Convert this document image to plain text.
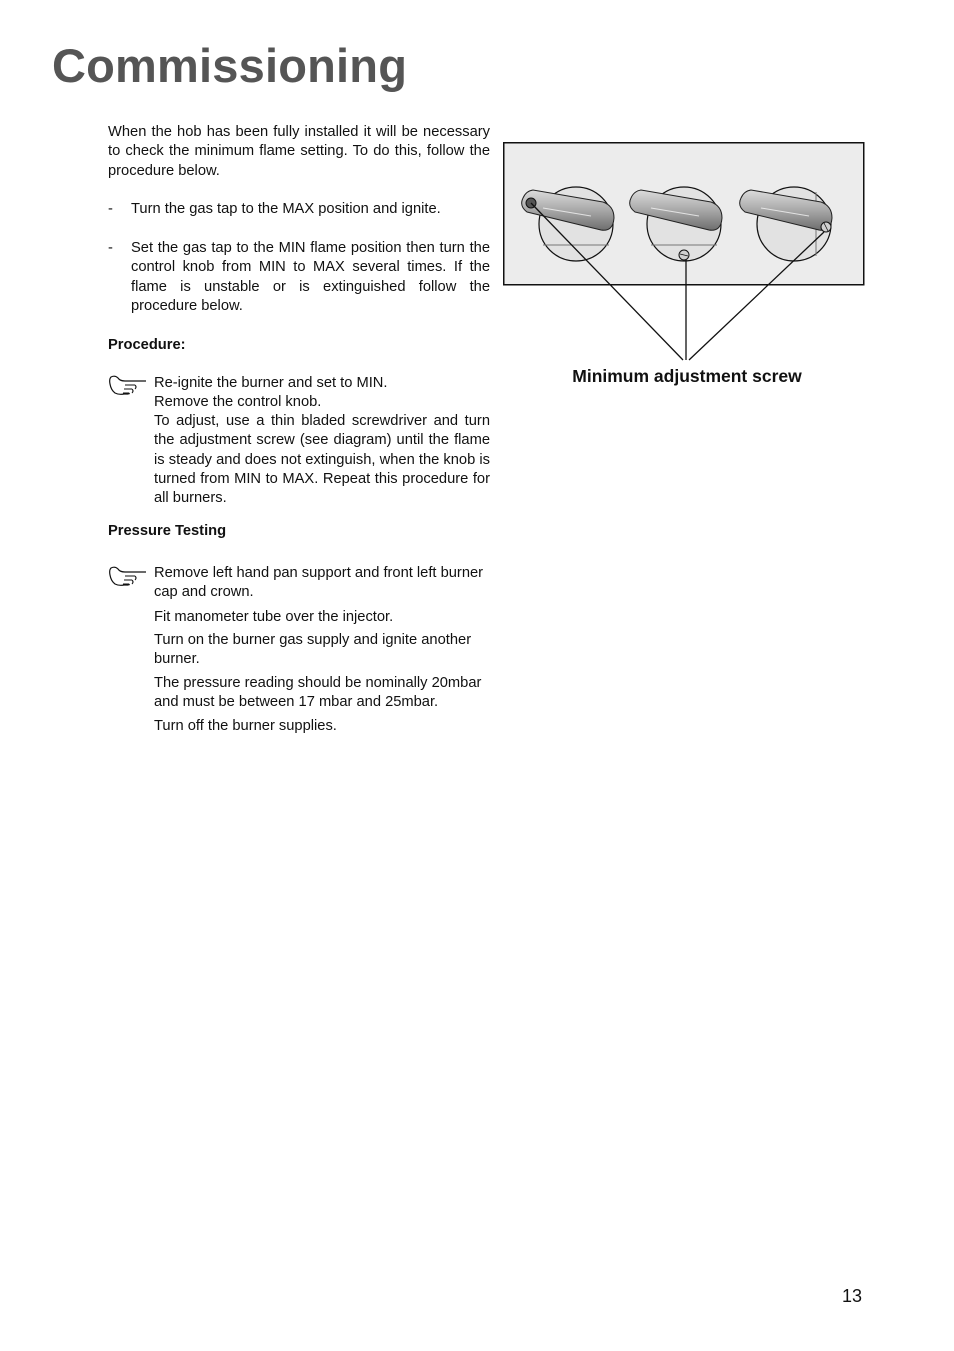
Commissioning
When the hob has been fully installed it will be necessary to check the minimum flame setting. To do this, follow the procedure below.
- Turn the gas tap to the MAX position and ignite.
- Set the gas tap to the MIN flame position then turn the control knob from MIN to MAX several times. If the flame is unstable or is extinguished follow the procedure below.
Procedure:
Re-ignite the burner and set to MIN.
Remove the control knob.
To adjust, use a thin bladed screwdriver and turn the adjustment screw (see diagram) until the flame is steady and does not extinguish, when the knob is turned from MIN to MAX. Repeat this procedure for all burners.
Pressure Testing
Remove left hand pan support and front left burner cap and crown.
Fit manometer tube over the injector.
Turn on the burner gas supply and ignite another burner.
The pressure reading should be nominally 20mbar and must be between 17 mbar and 25mbar.
Turn off the burner supplies.
Minimum adjustment screw
13
